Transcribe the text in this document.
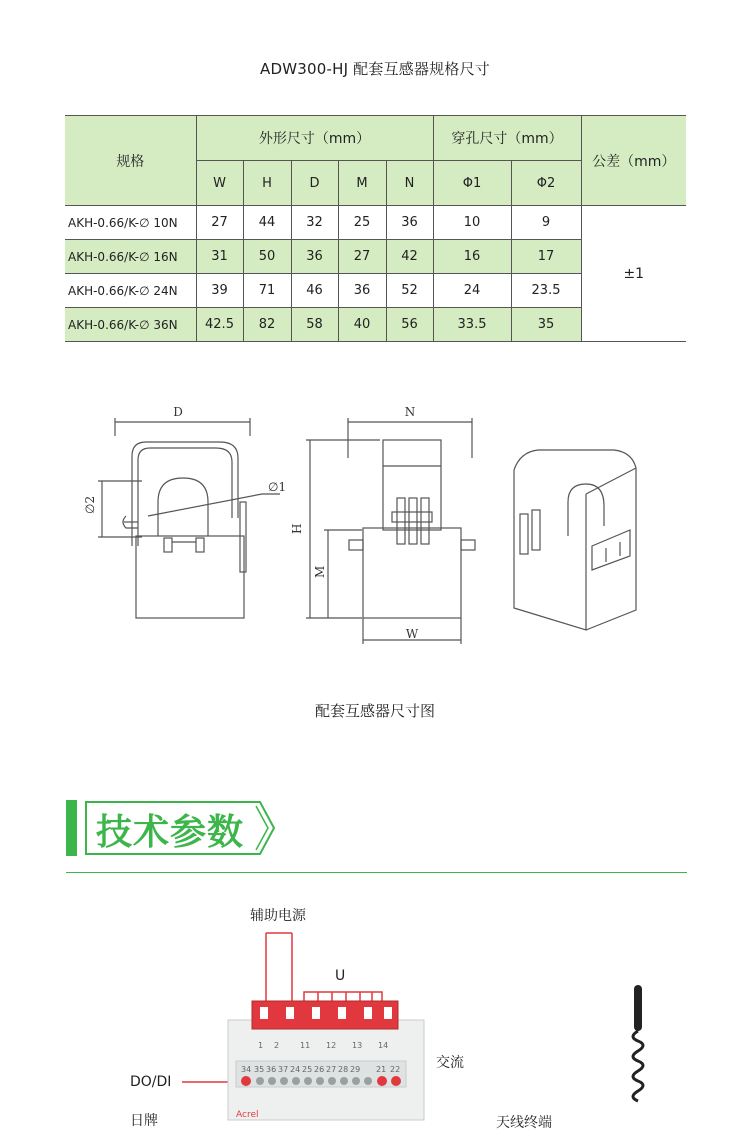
ADW300-HJ 配套互感器规格尺寸
规格	外形尺寸（mm）					穿孔尺寸（mm）		公差（mm）
	W	H	D	M	N	Φ1	Φ2	
AKH-0.66/K-∅ 10N	27	44	32	25	36	10	9	±1
AKH-0.66/K-∅ 16N	31	50	36	27	42	16	17	
AKH-0.66/K-∅ 24N	39	71	46	36	52	24	23.5	
AKH-0.66/K-∅ 36N	42.5	82	58	40	56	33.5	35	
D
∅1
∅2
N
H
M
W
配套互感器尺寸图
技术参数
辅助电源
U
交流
DO/DI
日牌	天线终端
1 2	11 12 13 14
34 35 36 37 24 25 26 27 28 29 21 22
Acrel
